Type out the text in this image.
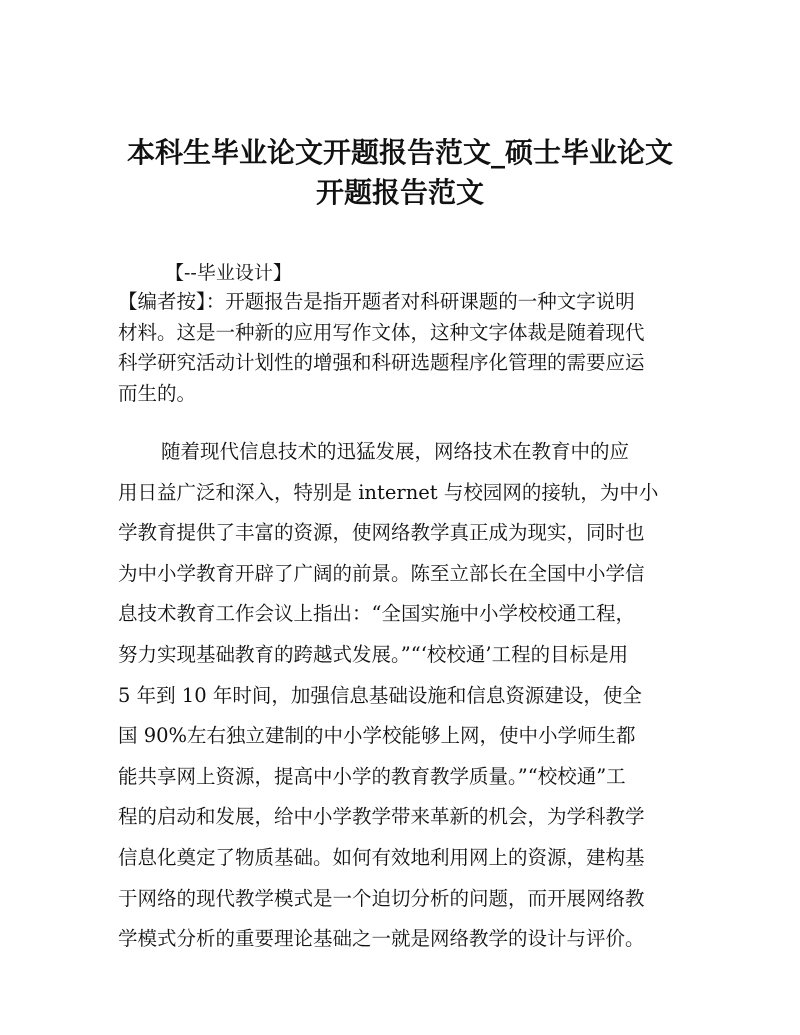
本科生毕业论文开题报告范文_硕士毕业论文
开题报告范文

【--毕业设计】

【编者按】：开题报告是指开题者对科研课题的一种文字说明
材料。这是一种新的应用写作文体，这种文字体裁是随着现代
科学研究活动计划性的增强和科研选题程序化管理的需要应运
而生的。

随着现代信息技术的迅猛发展，网络技术在教育中的应
用日益广泛和深入，特别是 internet 与校园网的接轨，为中小
学教育提供了丰富的资源，使网络教学真正成为现实，同时也
为中小学教育开辟了广阔的前景。陈至立部长在全国中小学信
息技术教育工作会议上指出：“全国实施中小学校校通工程，
努力实现基础教育的跨越式发展。”“‘校校通’工程的目标是用
5 年到 10 年时间，加强信息基础设施和信息资源建设，使全
国 90%左右独立建制的中小学校能够上网，使中小学师生都
能共享网上资源，提高中小学的教育教学质量。”“校校通”工
程的启动和发展，给中小学教学带来革新的机会，为学科教学
信息化奠定了物质基础。如何有效地利用网上的资源，建构基
于网络的现代教学模式是一个迫切分析的问题，而开展网络教
学模式分析的重要理论基础之一就是网络教学的设计与评价。
